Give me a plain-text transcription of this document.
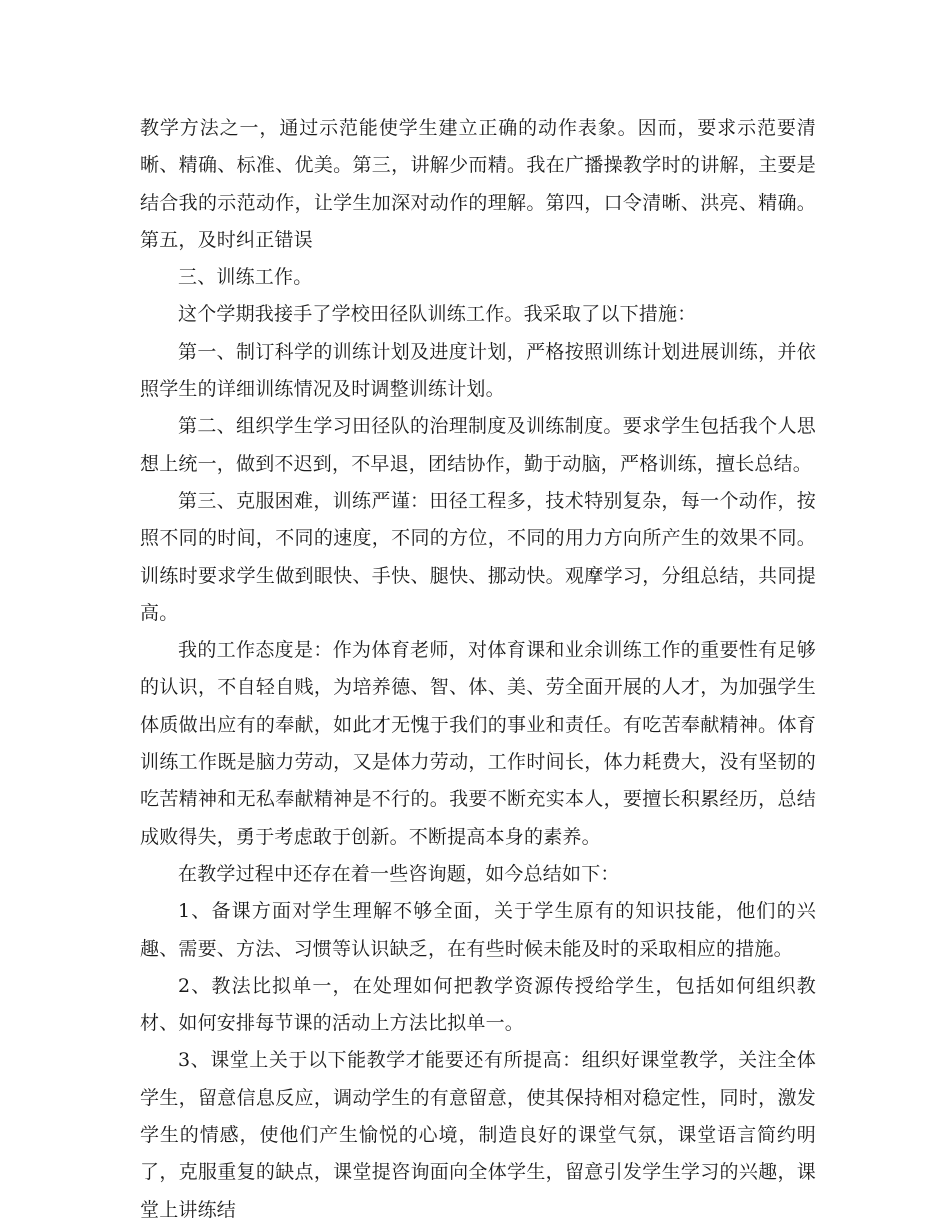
教学方法之一，通过示范能使学生建立正确的动作表象。因而，要求示范要清晰、精确、标准、优美。第三，讲解少而精。我在广播操教学时的讲解，主要是结合我的示范动作，让学生加深对动作的理解。第四，口令清晰、洪亮、精确。第五，及时纠正错误

三、训练工作。

这个学期我接手了学校田径队训练工作。我采取了以下措施：

第一、制订科学的训练计划及进度计划，严格按照训练计划进展训练，并依照学生的详细训练情况及时调整训练计划。

第二、组织学生学习田径队的治理制度及训练制度。要求学生包括我个人思想上统一，做到不迟到，不早退，团结协作，勤于动脑，严格训练，擅长总结。

第三、克服困难，训练严谨：田径工程多，技术特别复杂，每一个动作，按照不同的时间，不同的速度，不同的方位，不同的用力方向所产生的效果不同。训练时要求学生做到眼快、手快、腿快、挪动快。观摩学习，分组总结，共同提高。

我的工作态度是：作为体育老师，对体育课和业余训练工作的重要性有足够的认识，不自轻自贱，为培养德、智、体、美、劳全面开展的人才，为加强学生体质做出应有的奉献，如此才无愧于我们的事业和责任。有吃苦奉献精神。体育训练工作既是脑力劳动，又是体力劳动，工作时间长，体力耗费大，没有坚韧的吃苦精神和无私奉献精神是不行的。我要不断充实本人，要擅长积累经历，总结成败得失，勇于考虑敢于创新。不断提高本身的素养。

在教学过程中还存在着一些咨询题，如今总结如下：

1、备课方面对学生理解不够全面，关于学生原有的知识技能，他们的兴趣、需要、方法、习惯等认识缺乏，在有些时候未能及时的采取相应的措施。

2、教法比拟单一，在处理如何把教学资源传授给学生，包括如何组织教材、如何安排每节课的活动上方法比拟单一。

3、课堂上关于以下能教学才能要还有所提高：组织好课堂教学，关注全体学生，留意信息反应，调动学生的有意留意，使其保持相对稳定性，同时，激发学生的情感，使他们产生愉悦的心境，制造良好的课堂气氛，课堂语言简约明了，克服重复的缺点，课堂提咨询面向全体学生，留意引发学生学习的兴趣，课堂上讲练结
